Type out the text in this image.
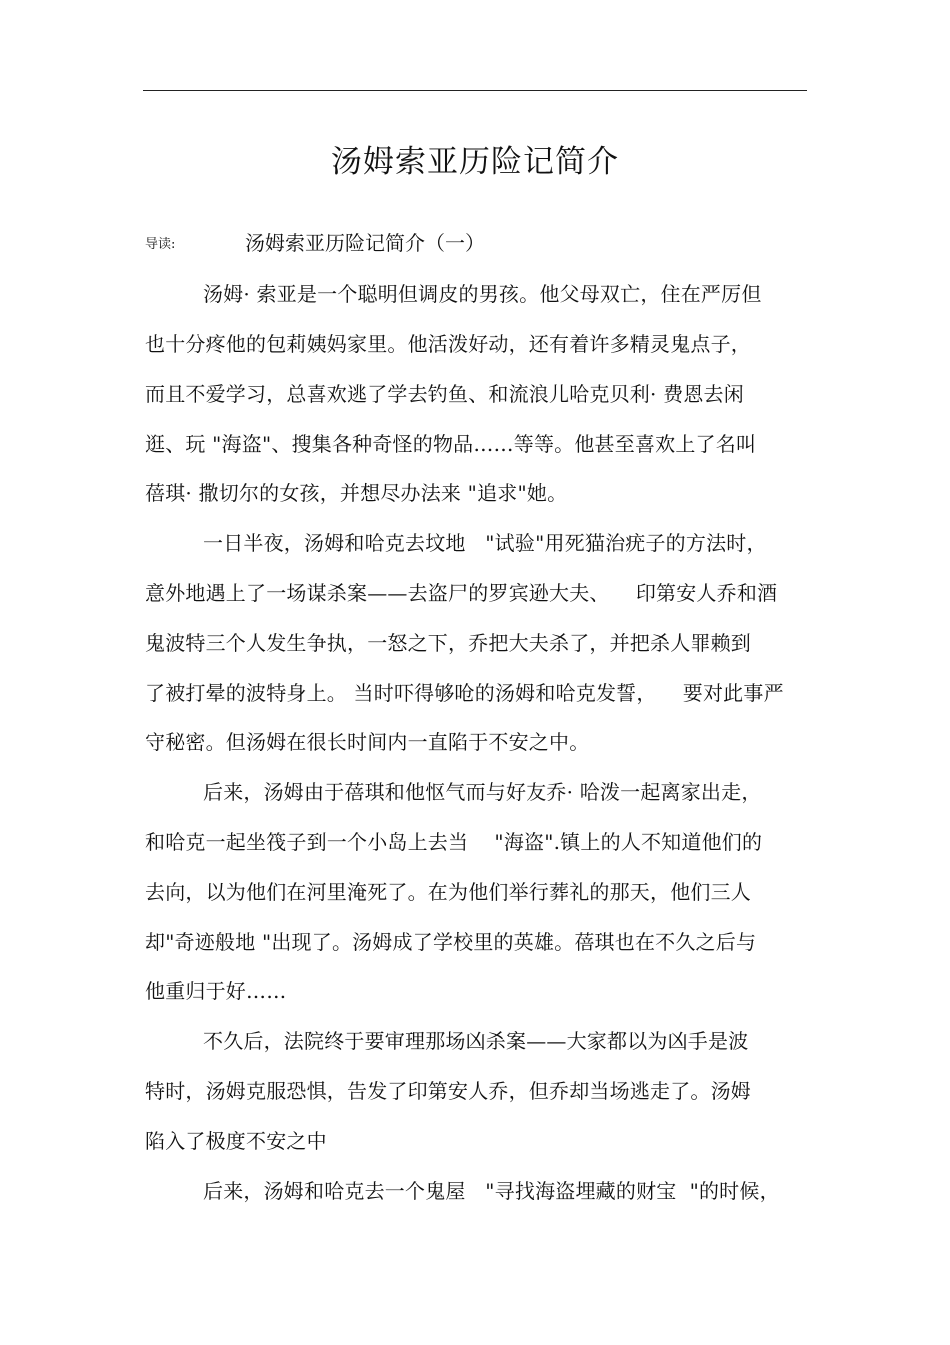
汤姆索亚历险记简介
导读:	汤姆索亚历险记简介（一）
汤姆· 索亚是一个聪明但调皮的男孩。他父母双亡，住在严厉但
也十分疼他的包莉姨妈家里。他活泼好动，还有着许多精灵鬼点子，
而且不爱学习，总喜欢逃了学去钓鱼、和流浪儿哈克贝利· 费恩去闲
逛、玩 "海盗"、搜集各种奇怪的物品……等等。他甚至喜欢上了名叫
蓓琪· 撒切尔的女孩，并想尽办法来 "追求"她。
一日半夜，汤姆和哈克去坟地   "试验"用死猫治疣子的方法时，
意外地遇上了一场谋杀案——去盗尸的罗宾逊大夫、    印第安人乔和酒
鬼波特三个人发生争执，一怒之下，乔把大夫杀了，并把杀人罪赖到
了被打晕的波特身上。 当时吓得够呛的汤姆和哈克发誓，    要对此事严
守秘密。但汤姆在很长时间内一直陷于不安之中。
后来，汤姆由于蓓琪和他怄气而与好友乔· 哈泼一起离家出走，
和哈克一起坐筏子到一个小岛上去当    "海盗".镇上的人不知道他们的
去向，以为他们在河里淹死了。在为他们举行葬礼的那天，他们三人
却"奇迹般地 "出现了。汤姆成了学校里的英雄。蓓琪也在不久之后与
他重归于好……
不久后，法院终于要审理那场凶杀案——大家都以为凶手是波
特时，汤姆克服恐惧，告发了印第安人乔，但乔却当场逃走了。汤姆
陷入了极度不安之中
后来，汤姆和哈克去一个鬼屋   "寻找海盗埋藏的财宝  "的时候，
